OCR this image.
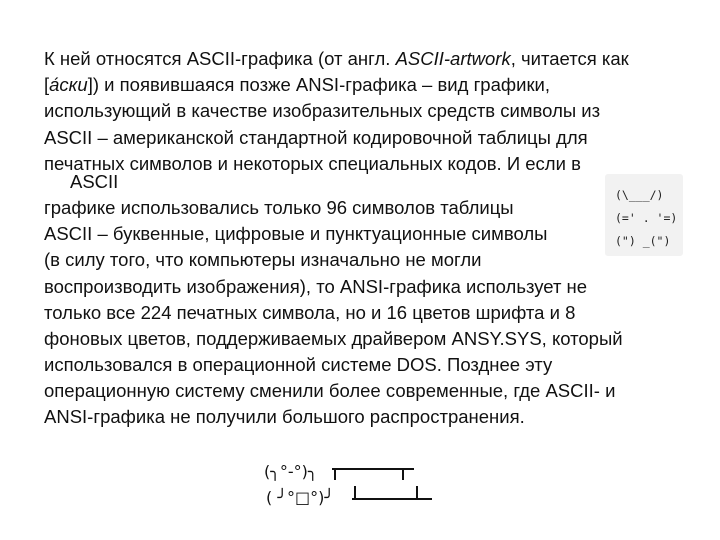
К ней относятся ASCII-графика (от англ. ASCII-artwork, читается как
[а́ски]) и появившаяся позже ANSI-графика – вид графики,
использующий в качестве изобразительных средств символы из
ASCII – американской стандартной кодировочной таблицы для
печатных символов и некоторых специальных кодов. И если в
ASCII
графике использовались только 96 символов таблицы
ASCII – буквенные, цифровые и пунктуационные символы
(в силу того, что компьютеры изначально не могли
воспроизводить изображения), то ANSI-графика использует не
только все 224 печатных символа, но и 16 цветов шрифта и 8
фоновых цветов, поддерживаемых драйвером ANSY.SYS, который
использовался в операционной системе DOS. Позднее эту
операционную систему сменили более современные, где ASCII- и
ANSI-графика не получили большого распространения.
(\___/)
(=' . '=)
(") _(")
(╮°-°)╮
( ╯°□°)╯
